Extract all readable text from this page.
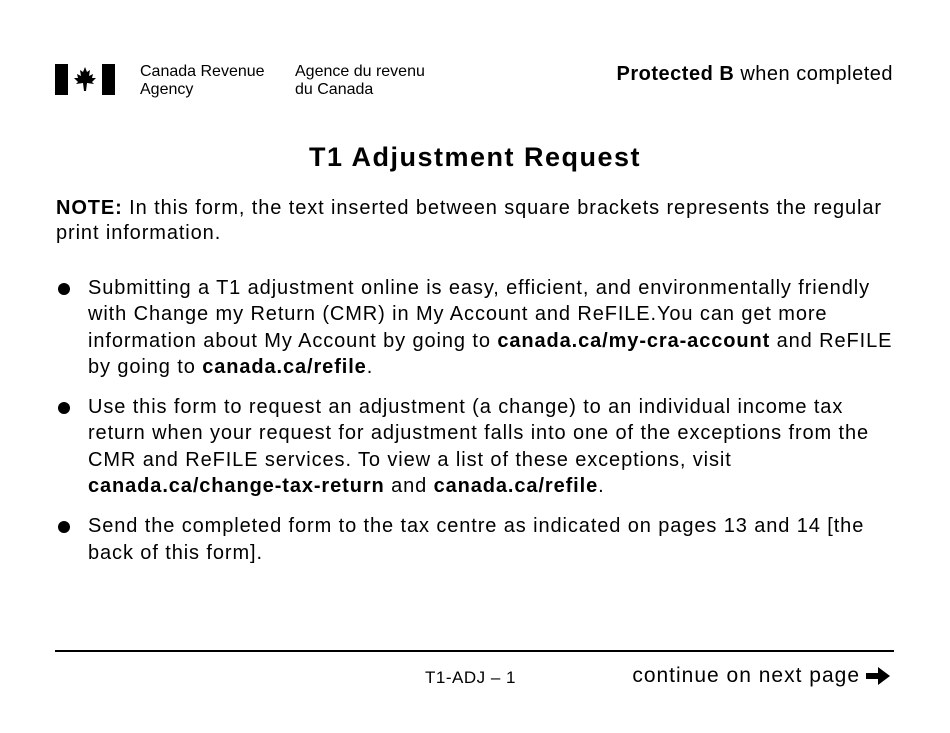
Canada Revenue
Agency
Agence du revenu
du Canada
Protected B when completed
T1 Adjustment Request
NOTE: In this form, the text inserted between square brackets represents the regular print information.
Submitting a T1 adjustment online is easy, efficient, and environmentally friendly with Change my Return (CMR) in My Account and ReFILE.You can get more information about My Account by going to canada.ca/my-cra-account and ReFILE by going to canada.ca/refile.
Use this form to request an adjustment (a change) to an individual income tax return when your request for adjustment falls into one of the exceptions from the CMR and ReFILE services. To view a list of these exceptions, visit canada.ca/change-tax-return and canada.ca/refile.
Send the completed form to the tax centre as indicated on pages 13 and 14 [the back of this form].
T1-ADJ – 1	continue on next page
